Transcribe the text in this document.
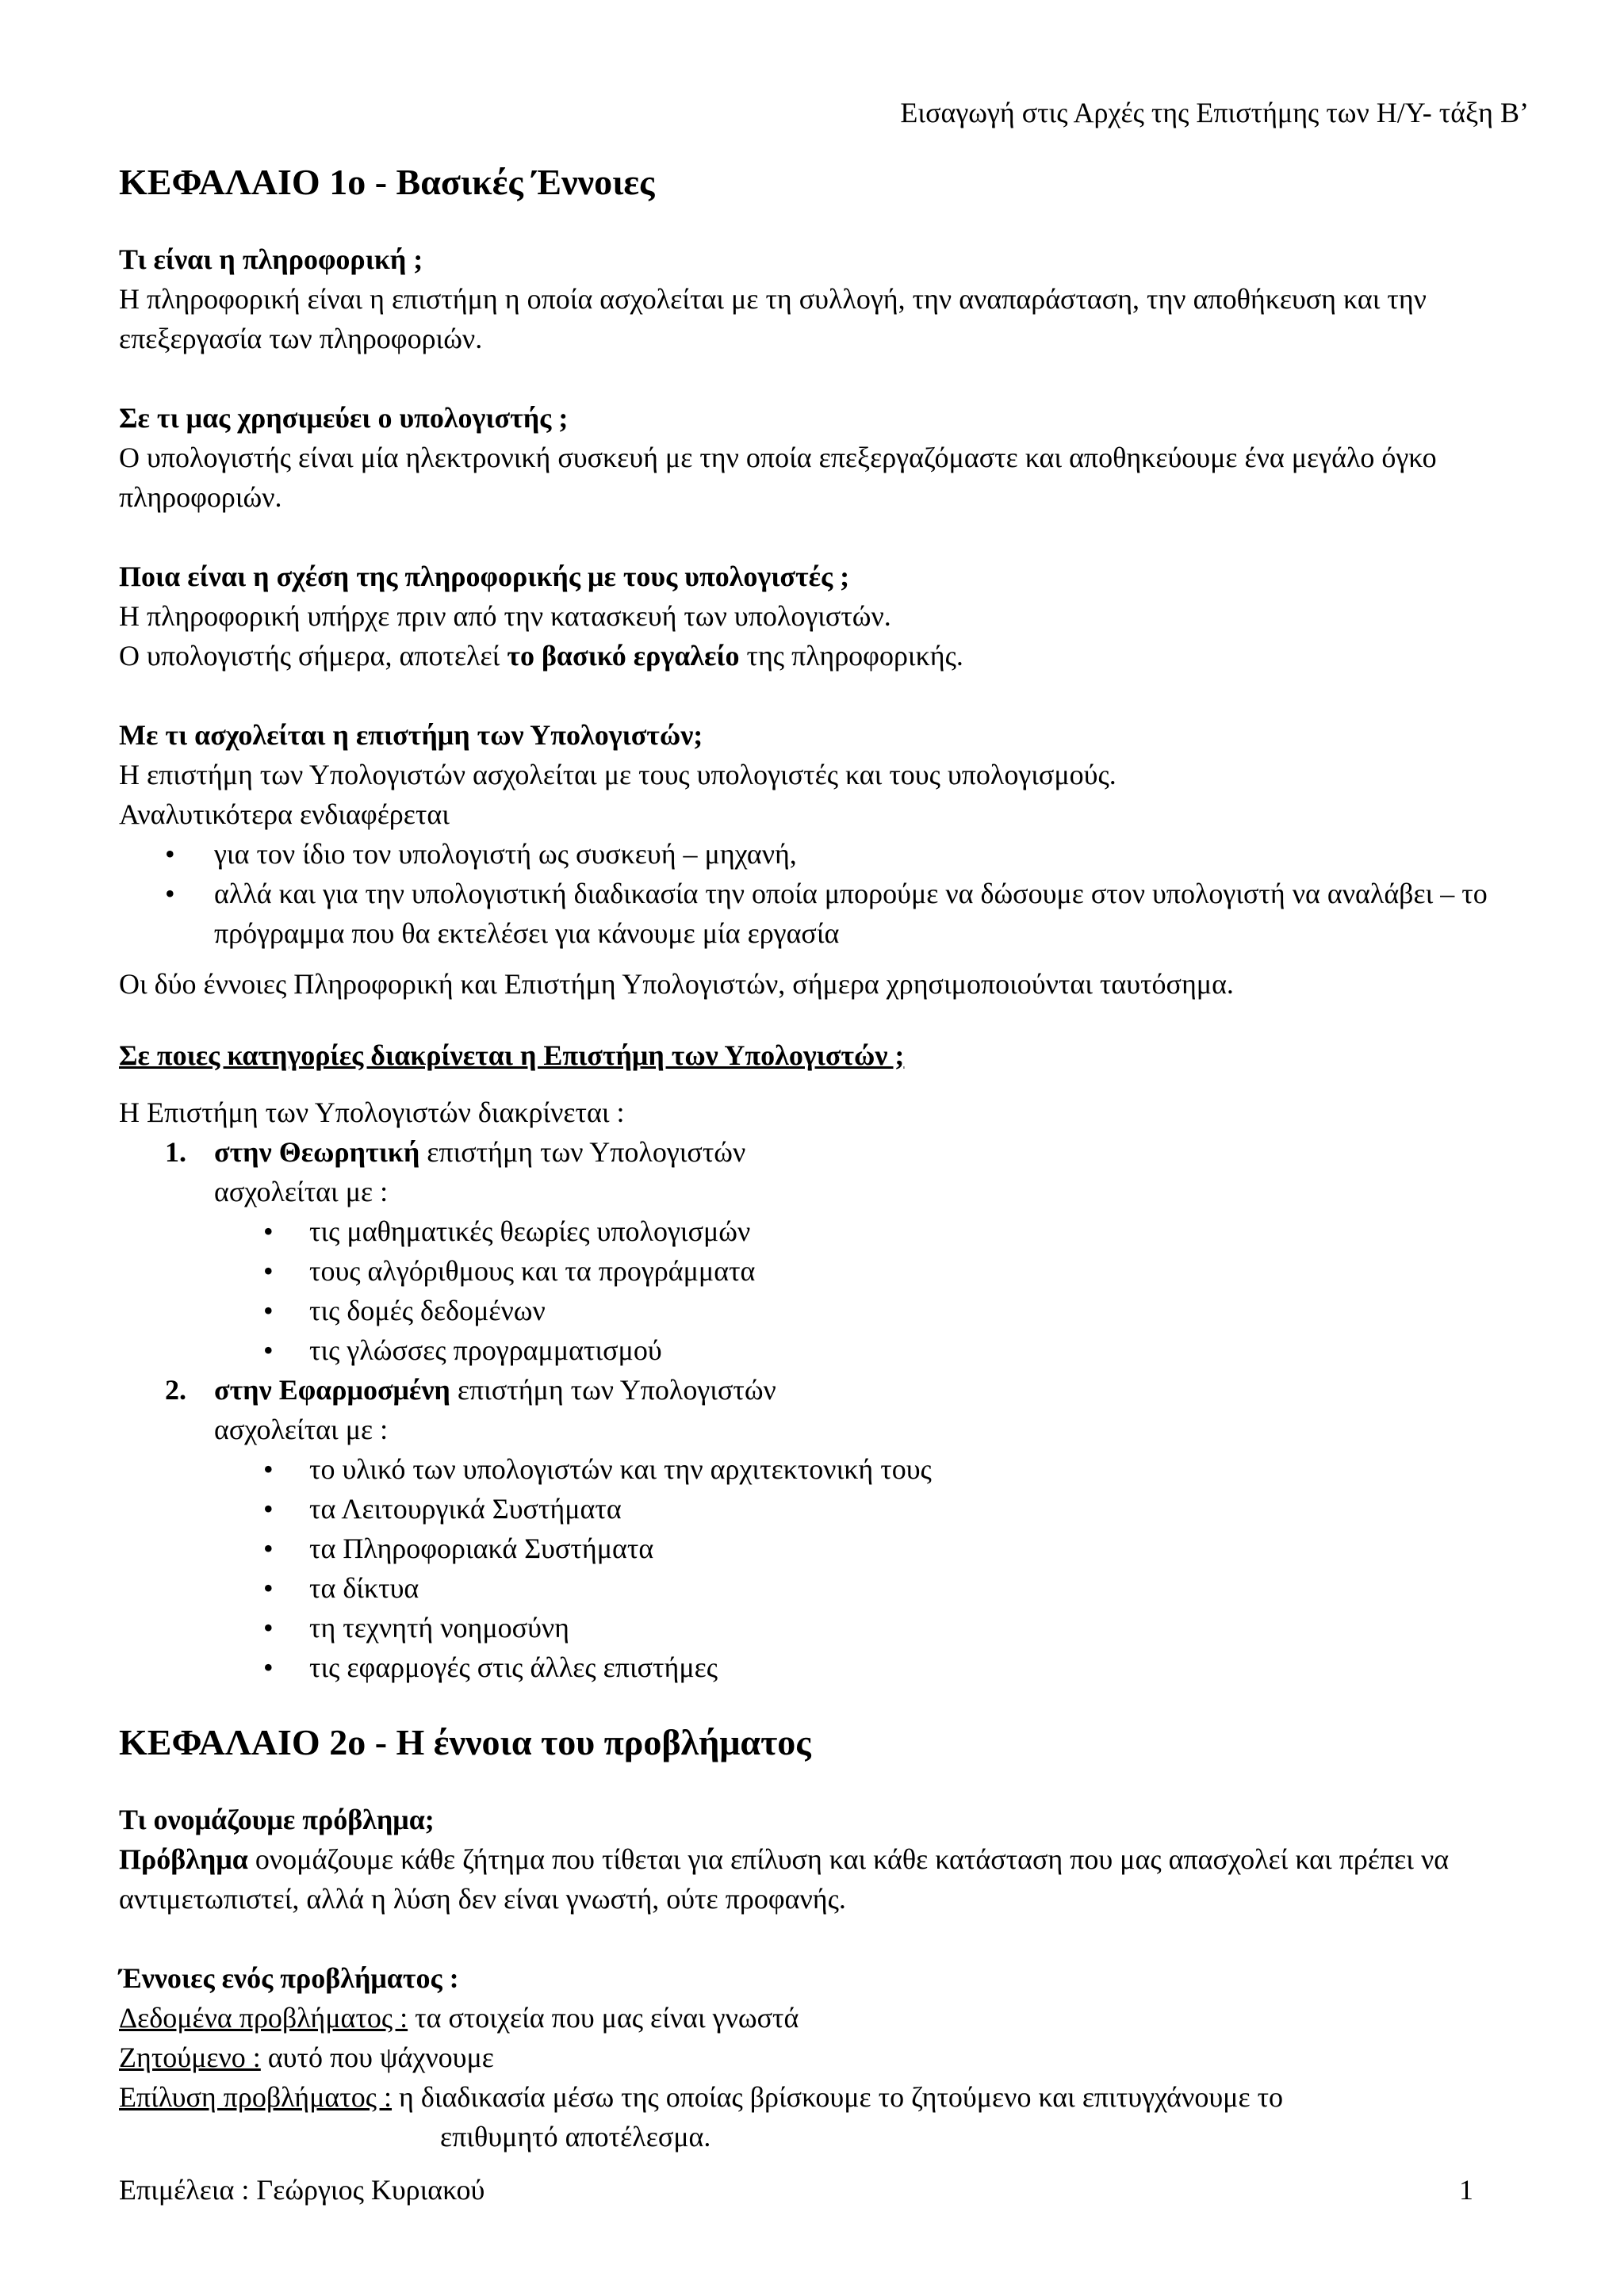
Εισαγωγή στις Αρχές της Επιστήμης των Η/Υ- τάξη Β’
ΚΕΦΑΛΑΙΟ 1ο - Βασικές Έννοιες

Τι είναι η πληροφορική ;

Η πληροφορική είναι η επιστήμη η οποία ασχολείται με τη συλλογή, την αναπαράσταση, την αποθήκευση και την επεξεργασία των πληροφοριών.

Σε τι μας χρησιμεύει ο υπολογιστής ;

Ο υπολογιστής είναι μία ηλεκτρονική συσκευή με την οποία επεξεργαζόμαστε και αποθηκεύουμε ένα μεγάλο όγκο πληροφοριών.

Ποια είναι η σχέση της πληροφορικής με τους υπολογιστές ;

Η πληροφορική υπήρχε πριν από την κατασκευή των υπολογιστών.

Ο υπολογιστής σήμερα, αποτελεί το βασικό εργαλείο της πληροφορικής.

Με τι ασχολείται η επιστήμη των Υπολογιστών;

Η επιστήμη των Υπολογιστών ασχολείται με τους υπολογιστές και τους υπολογισμούς.

Αναλυτικότερα ενδιαφέρεται

• για τον ίδιο τον υπολογιστή ως συσκευή – μηχανή,
• αλλά και για την υπολογιστική διαδικασία την οποία μπορούμε να δώσουμε στον υπολογιστή να αναλάβει – το πρόγραμμα που θα εκτελέσει για κάνουμε μία εργασία

Οι δύο έννοιες Πληροφορική και Επιστήμη Υπολογιστών, σήμερα χρησιμοποιούνται ταυτόσημα.

Σε ποιες κατηγορίες διακρίνεται η Επιστήμη των Υπολογιστών ;

Η Επιστήμη των Υπολογιστών διακρίνεται :

1. στην Θεωρητική επιστήμη των Υπολογιστών

ασχολείται με :

• τις μαθηματικές θεωρίες υπολογισμών
• τους αλγόριθμους και τα προγράμματα
• τις δομές δεδομένων
• τις γλώσσες προγραμματισμού
2. στην Εφαρμοσμένη επιστήμη των Υπολογιστών

ασχολείται με :

• το υλικό των υπολογιστών και την αρχιτεκτονική τους
• τα Λειτουργικά Συστήματα
• τα Πληροφοριακά Συστήματα
• τα δίκτυα
• τη τεχνητή νοημοσύνη
• τις εφαρμογές στις άλλες επιστήμες
ΚΕΦΑΛΑΙΟ 2ο - Η έννοια του προβλήματος

Τι ονομάζουμε πρόβλημα;

Πρόβλημα ονομάζουμε κάθε ζήτημα που τίθεται για επίλυση και κάθε κατάσταση που μας απασχολεί και πρέπει να αντιμετωπιστεί, αλλά η λύση δεν είναι γνωστή, ούτε προφανής.

Έννοιες ενός προβλήματος :

Δεδομένα προβλήματος : τα στοιχεία που μας είναι γνωστά
Ζητούμενο : αυτό που ψάχνουμε
Επίλυση προβλήματος : η διαδικασία μέσω της οποίας βρίσκουμε το ζητούμενο και επιτυγχάνουμε το
επιθυμητό αποτέλεσμα.
Επιμέλεια : Γεώργιος Κυριακού	1
